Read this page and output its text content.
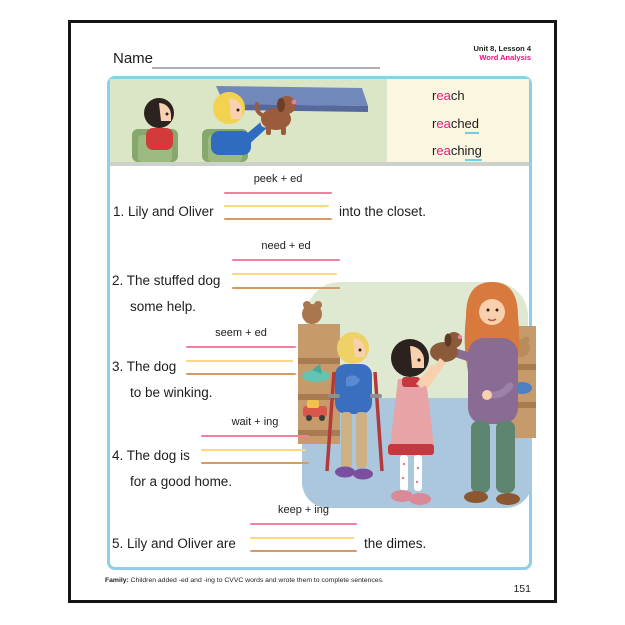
Name
Unit 8, Lesson 4
Word Analysis
reach
reached
reaching
peek + ed
1. Lily and Oliver	into the closet.
need + ed
2. The stuffed dog
some help.
seem + ed
3. The dog
to be winking.
wait + ing
4. The dog is
for a good home.
keep + ing
5. Lily and Oliver are	the dimes.
Family: Children added -ed and -ing to CVVC words and wrote them to complete sentences.
151
